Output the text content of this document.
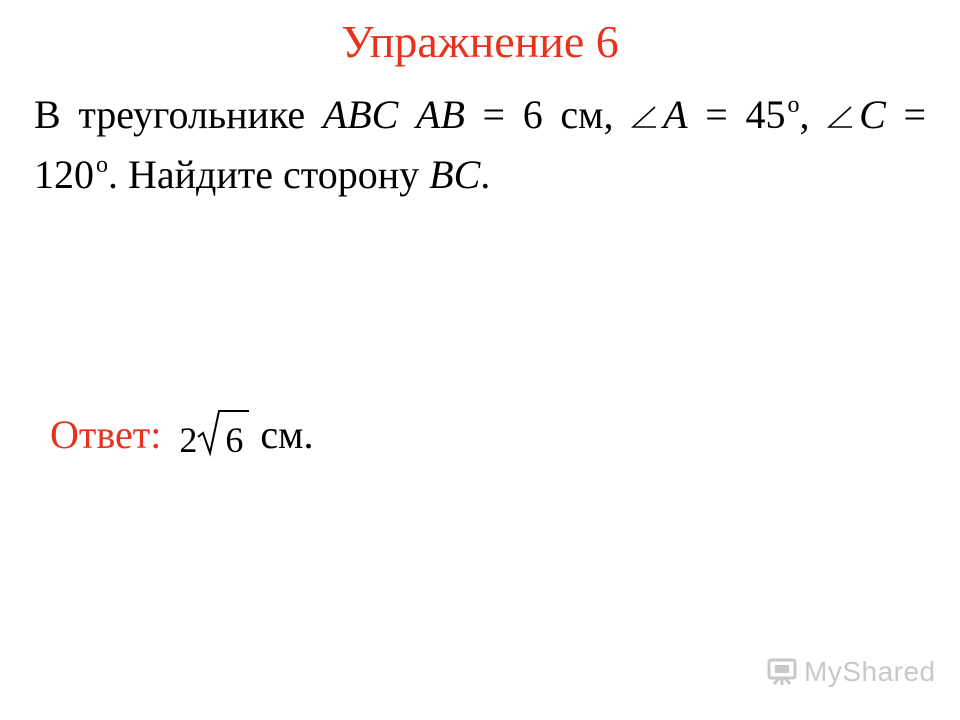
Упражнение 6
В треугольнике ABC AB = 6 см,
$A = 45^o$,
$C = 120^o$. Найдите сторону BC.
Ответ: 2 6 см.
MyShared
